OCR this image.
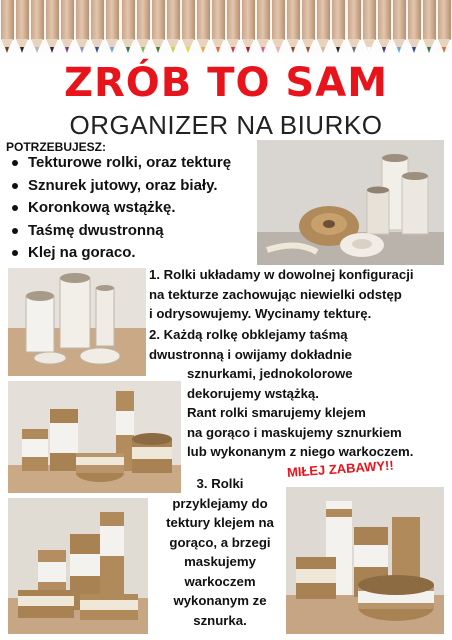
ZRÓB TO SAM
ORGANIZER NA BIURKO
POTRZEBUJESZ:
Tekturowe rolki, oraz tekturę
Sznurek jutowy, oraz biały.
Koronkową wstążkę.
Taśmę dwustronną
Klej na goraco.
1. Rolki układamy w dowolnej konfiguracji
na tekturze zachowując niewielki odstęp
i odrysowujemy. Wycinamy tekturę.
2. Każdą rolkę obklejamy taśmą
dwustronną i owijamy dokładnie
sznurkami, jednokolorowe
dekorujemy wstążką.
Rant rolki smarujemy klejem
na gorąco i maskujemy sznurkiem
lub wykonanym z niego warkoczem.
3. Rolki
przyklejamy do
tektury klejem na
gorąco, a brzegi
maskujemy
warkoczem
wykonanym ze
sznurka.
MIŁEJ ZABAWY!!
